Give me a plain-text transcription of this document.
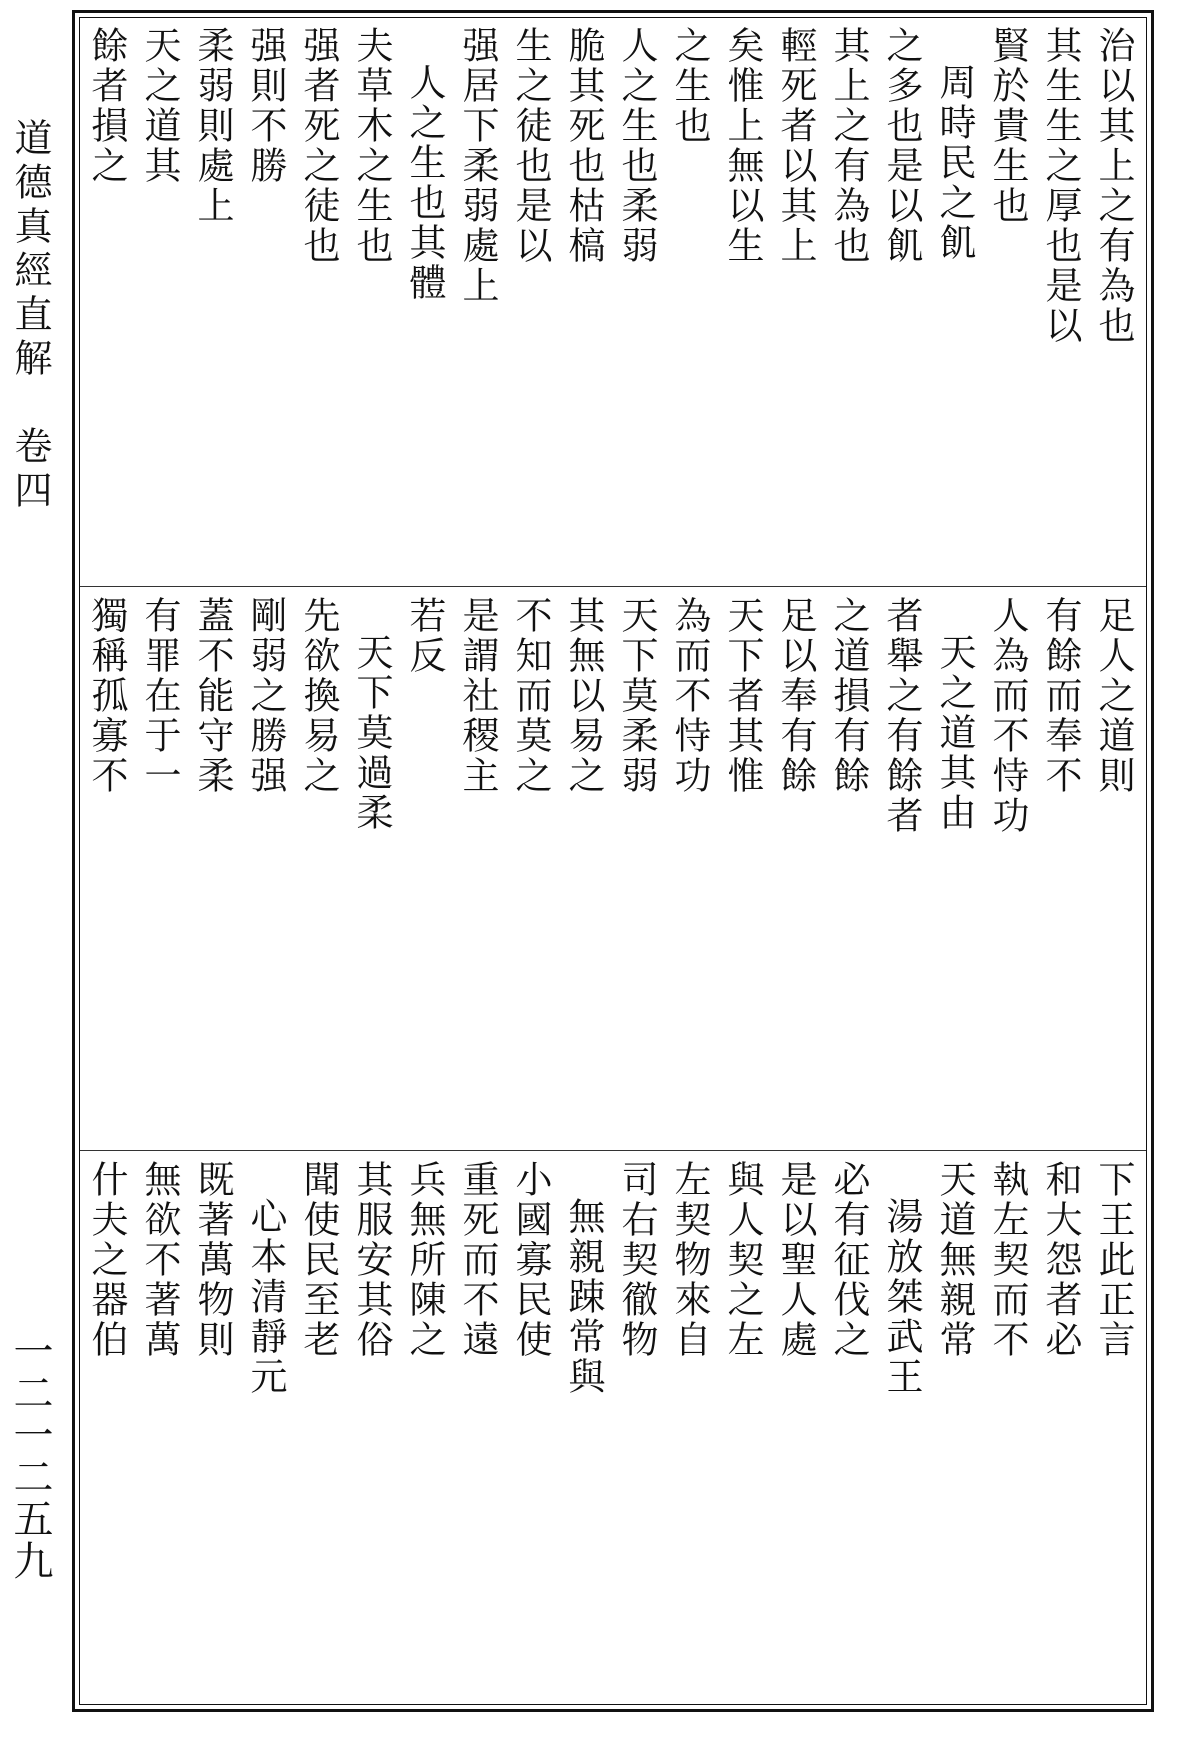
道德真經直解　卷四
一二一二五九
治以其上之有為也
其生生之厚也是以
賢於貴生也
周時民之飢
之多也是以飢
其上之有為也
輕死者以其上
矣惟上無以生
之生也
人之生也柔弱
脆其死也枯槁
生之徒也是以
强居下柔弱處上
人之生也其體
夫草木之生也
强者死之徒也
强則不勝
柔弱則處上
天之道其
餘者損之
足人之道則
有餘而奉不
人為而不恃功
天之道其由
者舉之有餘者
之道損有餘
足以奉有餘
天下者其惟
為而不恃功
天下莫柔弱
其無以易之
不知而莫之
是謂社稷主
若反
天下莫過柔
先欲換易之
剛弱之勝强
蓋不能守柔
有罪在于一
獨稱孤寡不
下王此正言
和大怨者必
執左契而不
天道無親常
湯放桀武王
必有征伐之
是以聖人處
與人契之左
左契物來自
司右契徹物
無親踈常與
小國寡民使
重死而不遠
兵無所陳之
其服安其俗
聞使民至老
心本清靜元
既著萬物則
無欲不著萬
什夫之器伯
